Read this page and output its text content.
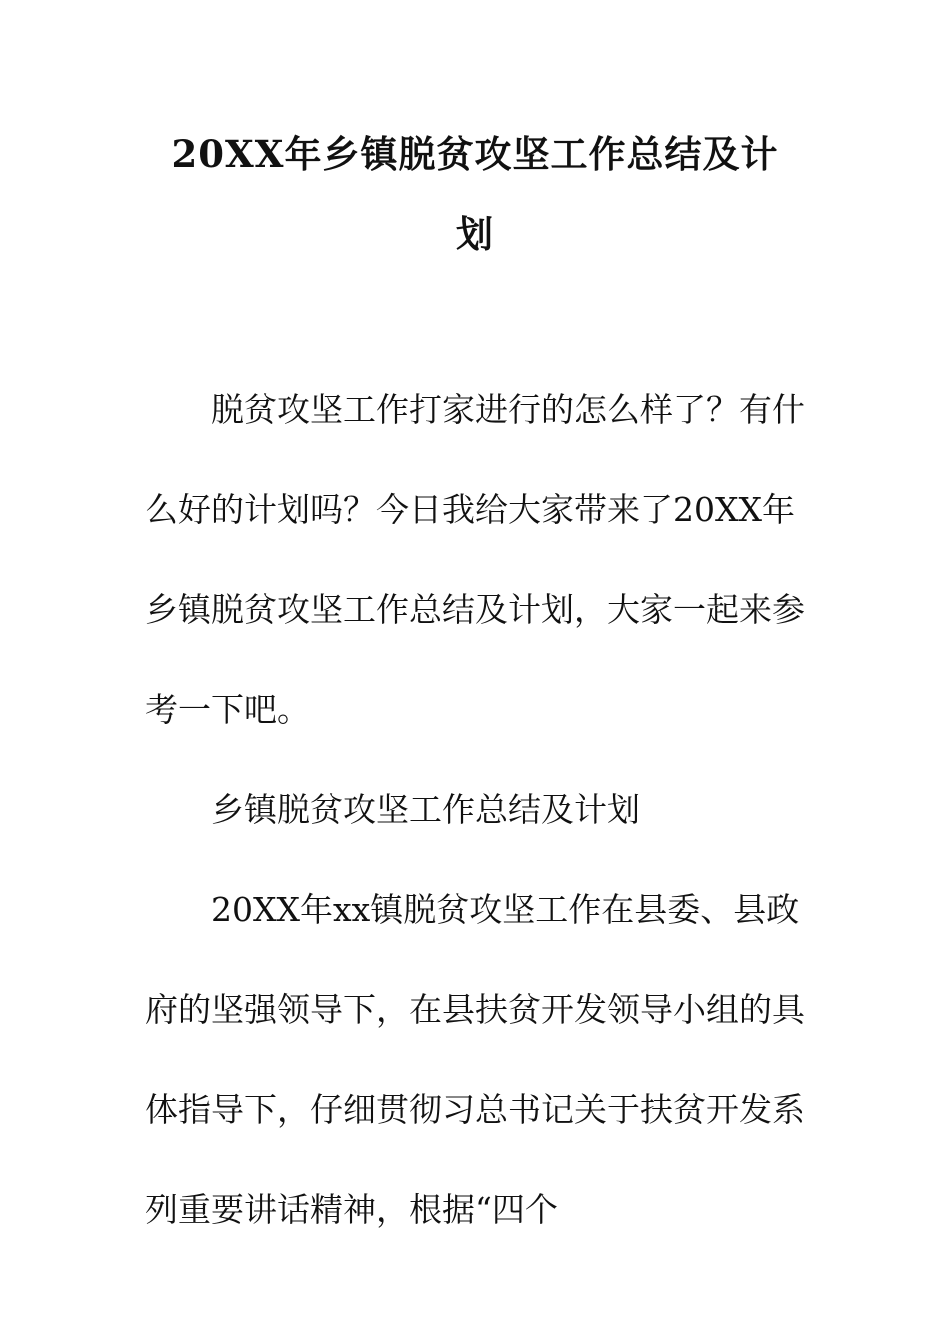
20XX年乡镇脱贫攻坚工作总结及计
划

脱贫攻坚工作打家进行的怎么样了？有什么好的计划吗？今日我给大家带来了20XX年乡镇脱贫攻坚工作总结及计划，大家一起来参考一下吧。

乡镇脱贫攻坚工作总结及计划

20XX年xx镇脱贫攻坚工作在县委、县政府的坚强领导下，在县扶贫开发领导小组的具体指导下，仔细贯彻习总书记关于扶贫开发系列重要讲话精神，根据“四个
